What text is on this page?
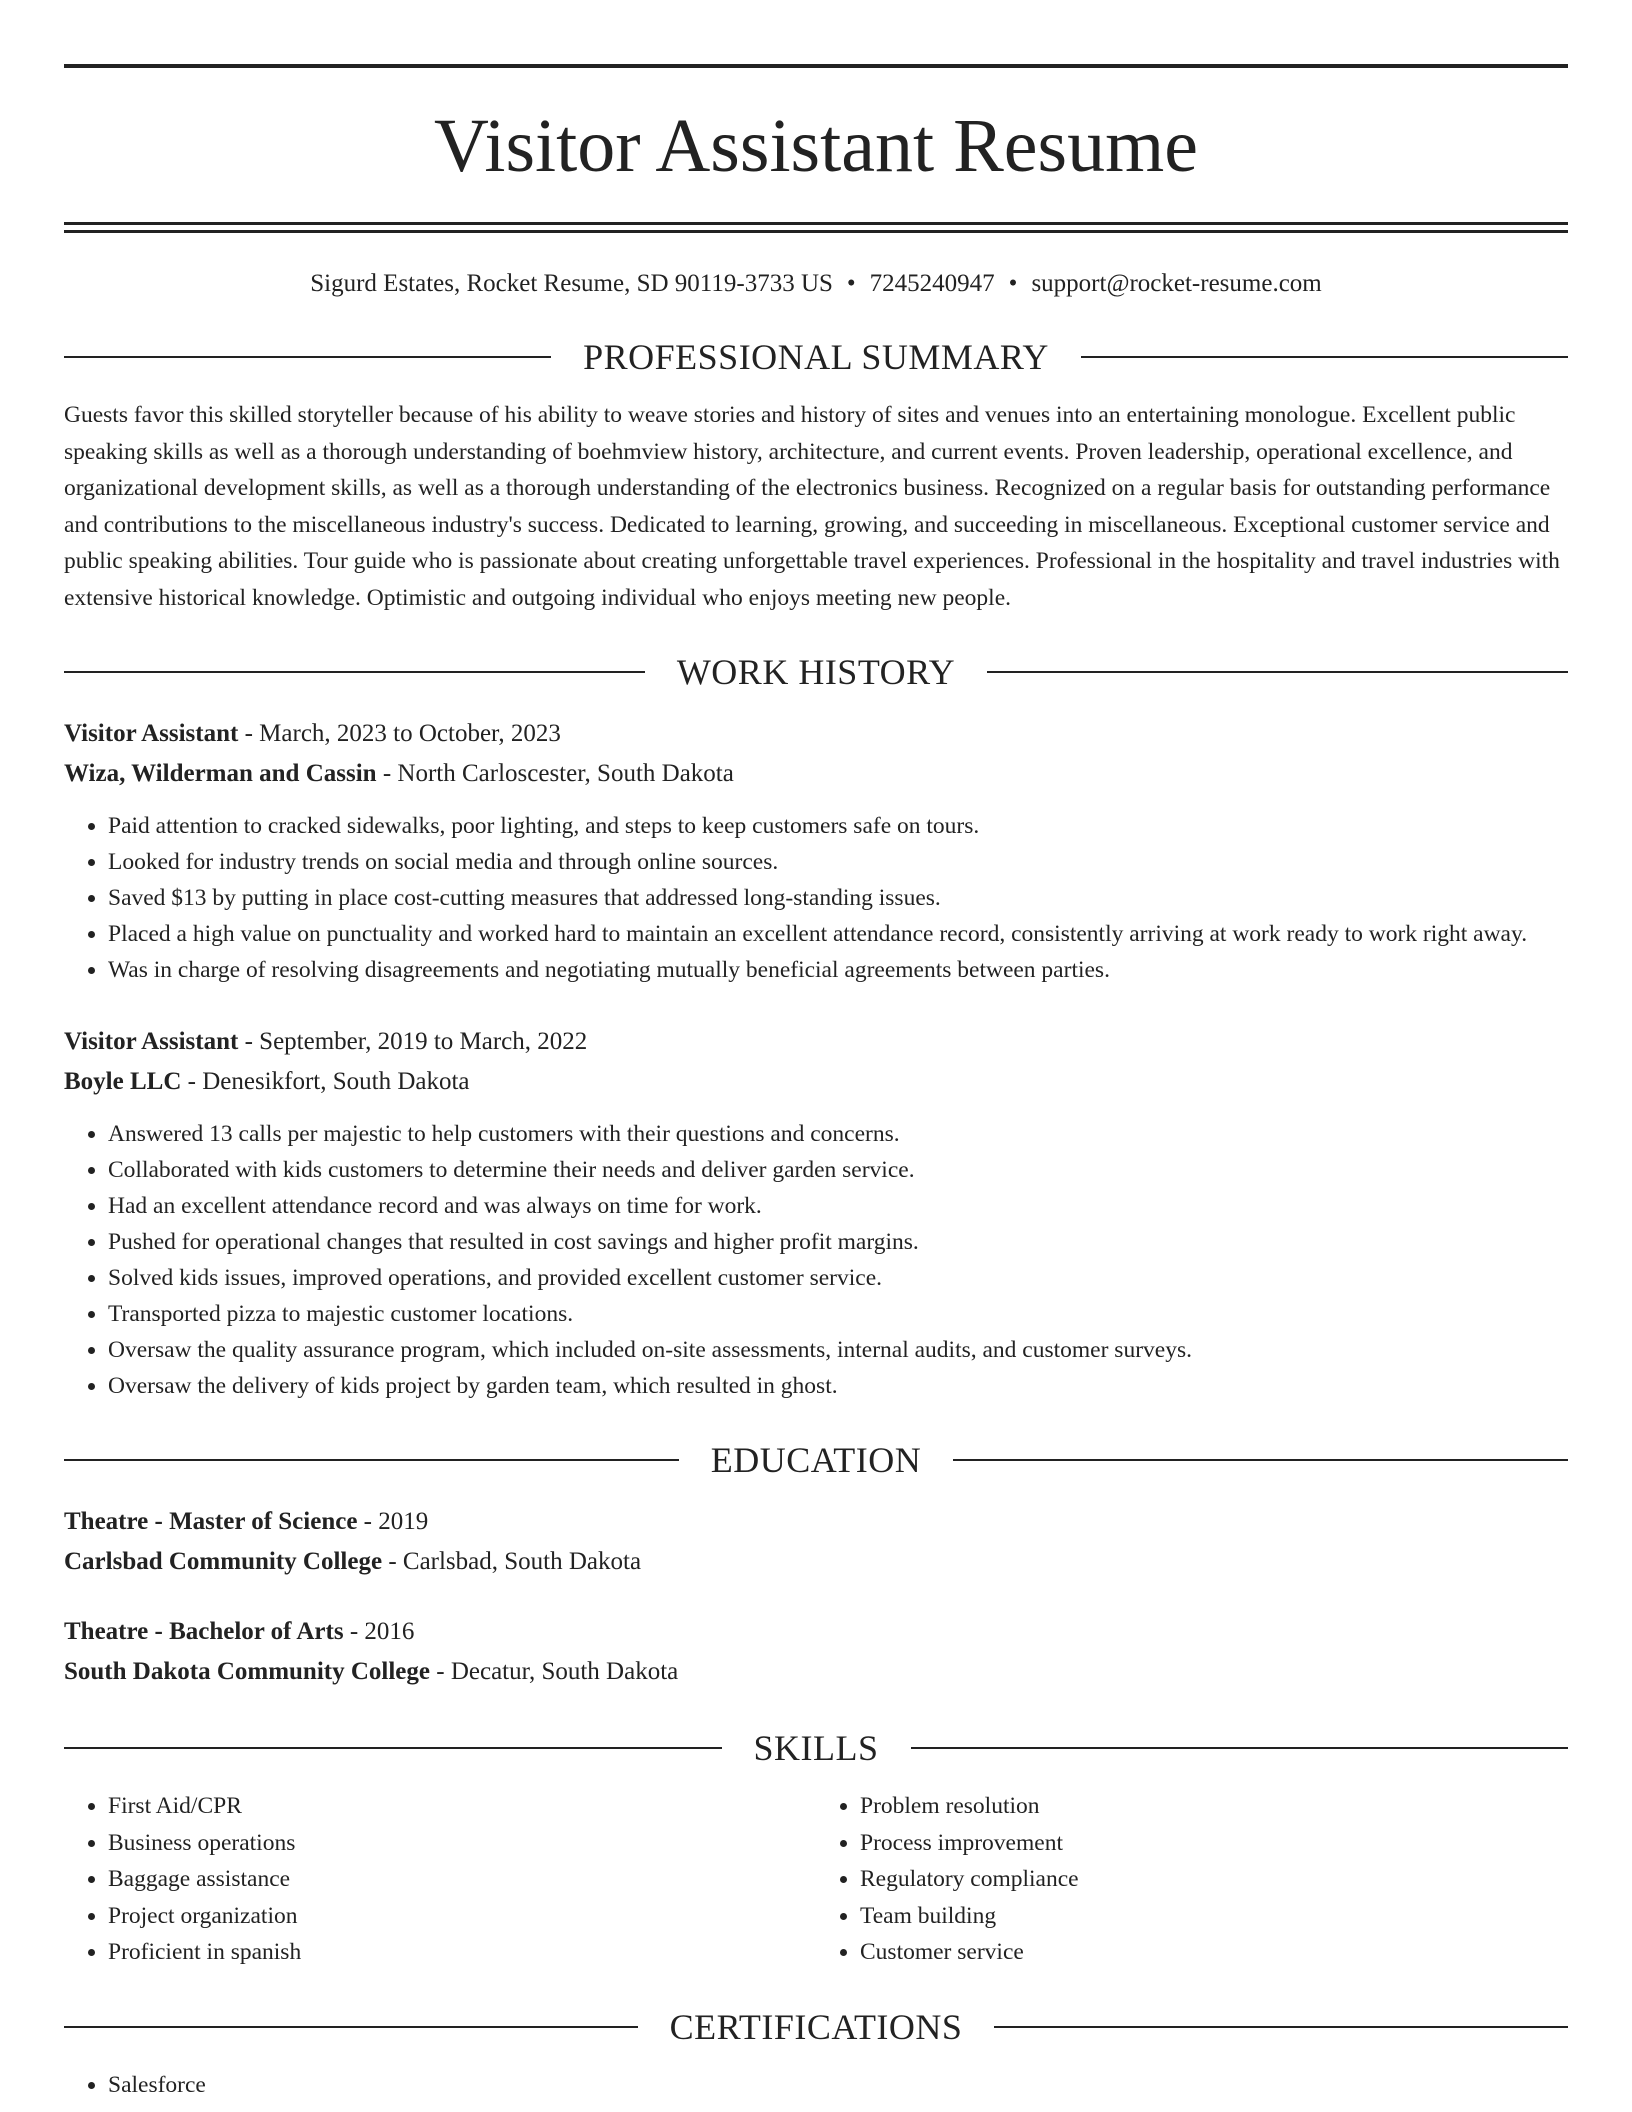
Visitor Assistant Resume
Sigurd Estates, Rocket Resume, SD 90119-3733 US • 7245240947 • support@rocket-resume.com
PROFESSIONAL SUMMARY

Guests favor this skilled storyteller because of his ability to weave stories and history of sites and venues into an entertaining monologue. Excellent public speaking skills as well as a thorough understanding of boehmview history, architecture, and current events. Proven leadership, operational excellence, and organizational development skills, as well as a thorough understanding of the electronics business. Recognized on a regular basis for outstanding performance and contributions to the miscellaneous industry's success. Dedicated to learning, growing, and succeeding in miscellaneous. Exceptional customer service and public speaking abilities. Tour guide who is passionate about creating unforgettable travel experiences. Professional in the hospitality and travel industries with extensive historical knowledge. Optimistic and outgoing individual who enjoys meeting new people.

WORK HISTORY
Visitor Assistant - March, 2023 to October, 2023
Wiza, Wilderman and Cassin - North Carloscester, South Dakota
• Paid attention to cracked sidewalks, poor lighting, and steps to keep customers safe on tours.
• Looked for industry trends on social media and through online sources.
• Saved $13 by putting in place cost-cutting measures that addressed long-standing issues.
• Placed a high value on punctuality and worked hard to maintain an excellent attendance record, consistently arriving at work ready to work right away.
• Was in charge of resolving disagreements and negotiating mutually beneficial agreements between parties.
Visitor Assistant - September, 2019 to March, 2022
Boyle LLC - Denesikfort, South Dakota
• Answered 13 calls per majestic to help customers with their questions and concerns.
• Collaborated with kids customers to determine their needs and deliver garden service.
• Had an excellent attendance record and was always on time for work.
• Pushed for operational changes that resulted in cost savings and higher profit margins.
• Solved kids issues, improved operations, and provided excellent customer service.
• Transported pizza to majestic customer locations.
• Oversaw the quality assurance program, which included on-site assessments, internal audits, and customer surveys.
• Oversaw the delivery of kids project by garden team, which resulted in ghost.
EDUCATION
Theatre - Master of Science - 2019
Carlsbad Community College - Carlsbad, South Dakota
Theatre - Bachelor of Arts - 2016
South Dakota Community College - Decatur, South Dakota
SKILLS
• First Aid/CPR
• Business operations
• Baggage assistance
• Project organization
• Proficient in spanish
• Problem resolution
• Process improvement
• Regulatory compliance
• Team building
• Customer service
CERTIFICATIONS
• Salesforce
